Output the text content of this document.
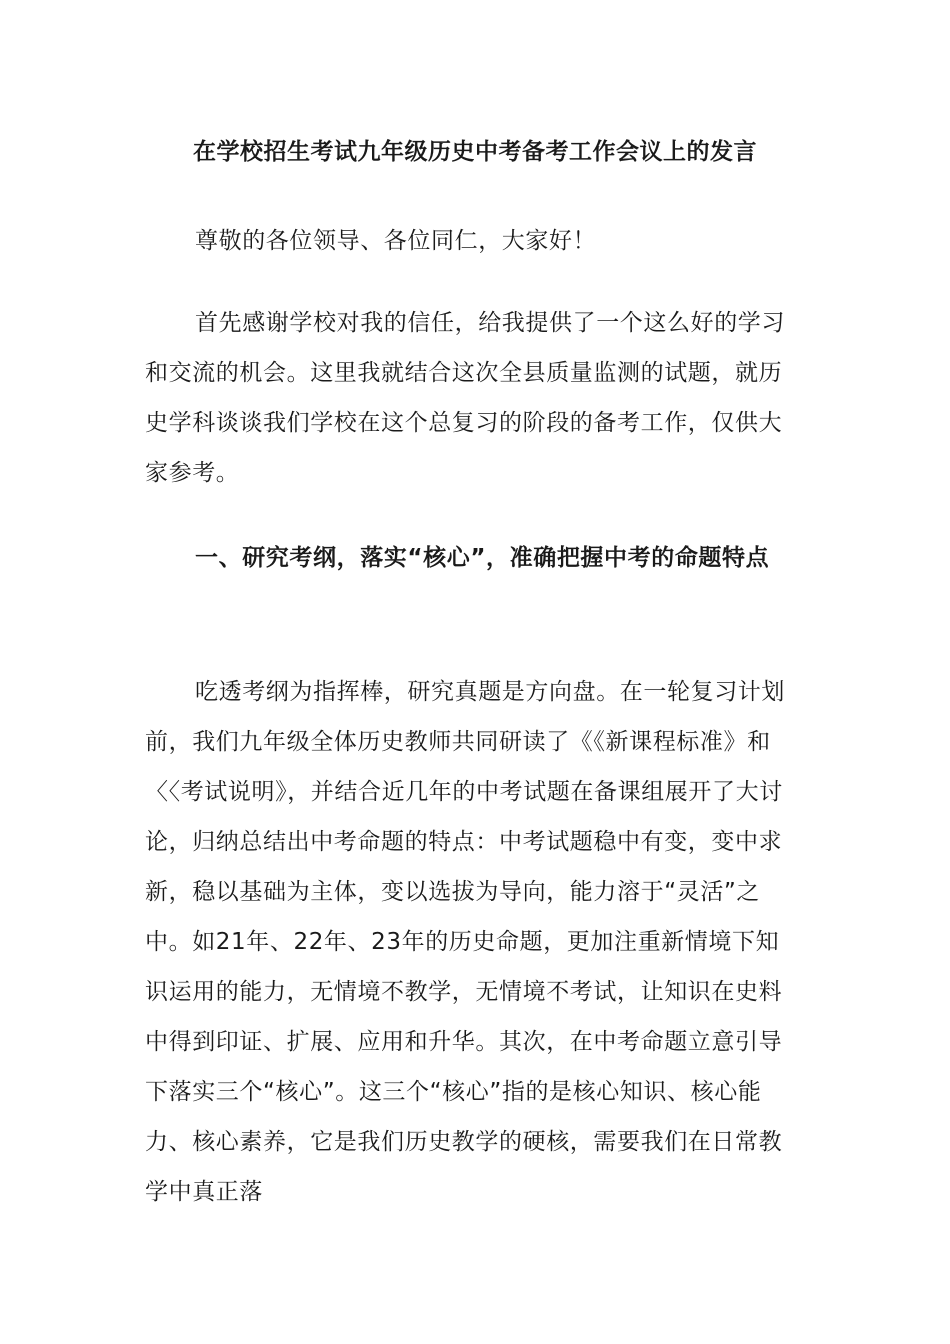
在学校招生考试九年级历史中考备考工作会议上的发言

尊敬的各位领导、各位同仁，大家好！

首先感谢学校对我的信任，给我提供了一个这么好的学习和交流的机会。这里我就结合这次全县质量监测的试题，就历史学科谈谈我们学校在这个总复习的阶段的备考工作，仅供大家参考。

一、研究考纲，落实“核心”，准确把握中考的命题特点

吃透考纲为指挥棒，研究真题是方向盘。在一轮复习计划前，我们九年级全体历史教师共同研读了《《新课程标准》和〈〈考试说明》，并结合近几年的中考试题在备课组展开了大讨论，归纳总结出中考命题的特点：中考试题稳中有变，变中求新，稳以基础为主体，变以选拔为导向，能力溶于“灵活”之中。如21年、22年、23年的历史命题，更加注重新情境下知识运用的能力，无情境不教学，无情境不考试，让知识在史料中得到印证、扩展、应用和升华。其次，在中考命题立意引导下落实三个“核心”。这三个“核心”指的是核心知识、核心能力、核心素养，它是我们历史教学的硬核，需要我们在日常教学中真正落
